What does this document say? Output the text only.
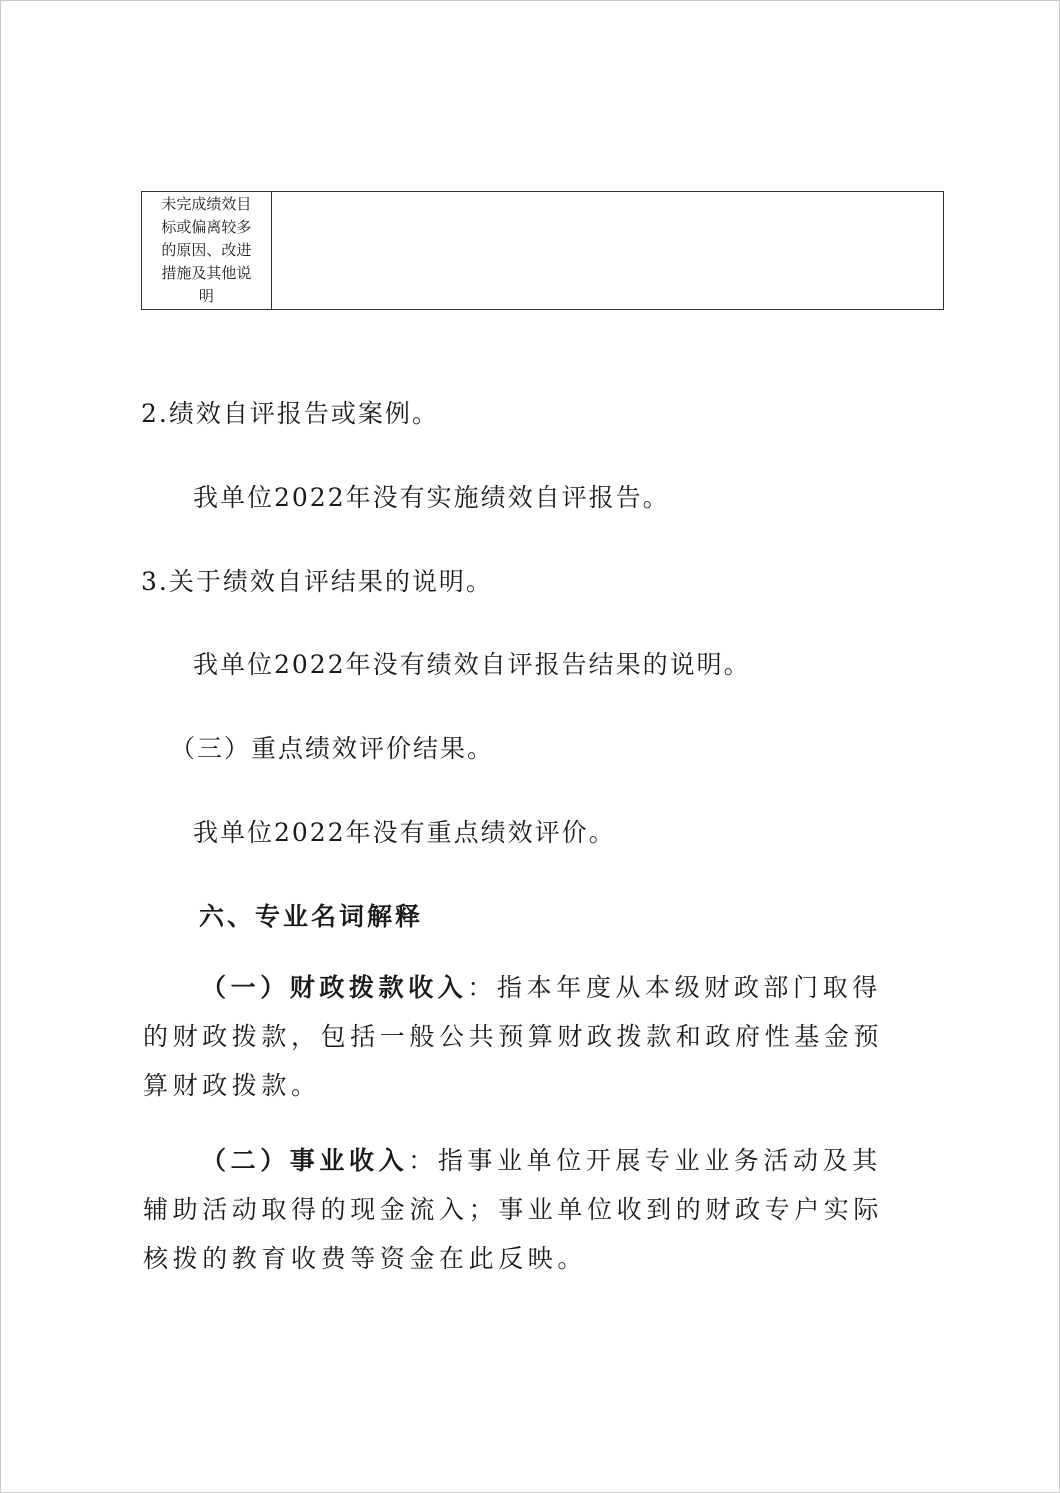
未完成绩效目
标或偏离较多
的原因、改进
措施及其他说
明

2.绩效自评报告或案例。

我单位2022年没有实施绩效自评报告。

3.关于绩效自评结果的说明。

我单位2022年没有绩效自评报告结果的说明。

（三）重点绩效评价结果。

我单位2022年没有重点绩效评价。

六、专业名词解释

（一）财政拨款收入：指本年度从本级财政部门取得的财政拨款，包括一般公共预算财政拨款和政府性基金预算财政拨款。

（二）事业收入：指事业单位开展专业业务活动及其辅助活动取得的现金流入；事业单位收到的财政专户实际核拨的教育收费等资金在此反映。
